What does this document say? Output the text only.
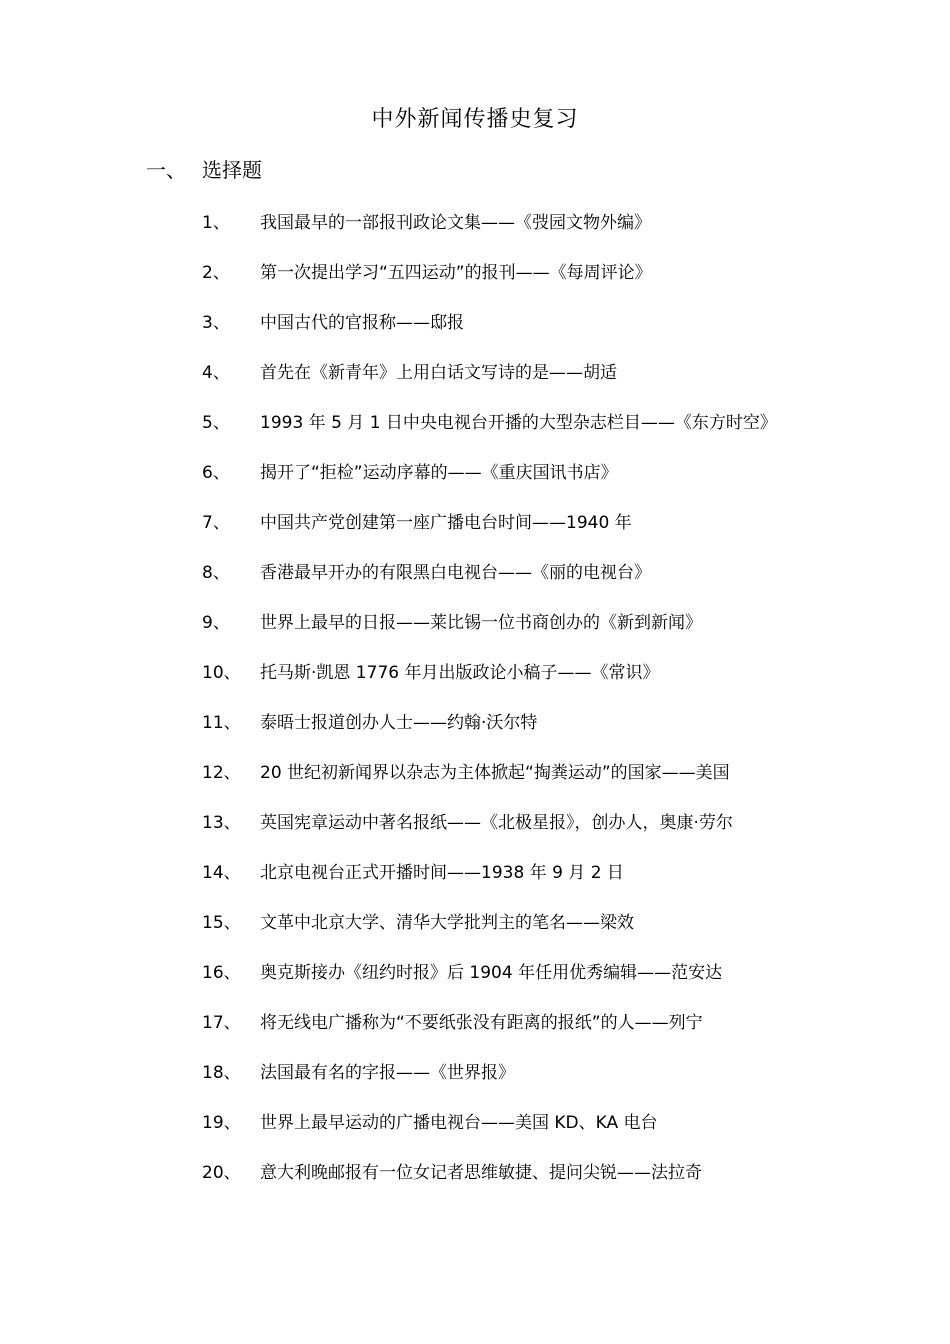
中外新闻传播史复习
一、 选择题
1、 我国最早的一部报刊政论文集——《弢园文物外编》
2、 第一次提出学习“五四运动”的报刊——《每周评论》
3、 中国古代的官报称——邸报
4、 首先在《新青年》上用白话文写诗的是——胡适
5、 1993 年 5 月 1 日中央电视台开播的大型杂志栏目——《东方时空》
6、 揭开了“拒检”运动序幕的——《重庆国讯书店》
7、 中国共产党创建第一座广播电台时间——1940 年
8、 香港最早开办的有限黑白电视台——《丽的电视台》
9、 世界上最早的日报——莱比锡一位书商创办的《新到新闻》
10、 托马斯·凯恩 1776 年月出版政论小稿子——《常识》
11、 泰晤士报道创办人士——约翰·沃尔特
12、 20 世纪初新闻界以杂志为主体掀起“掏粪运动”的国家——美国
13、 英国宪章运动中著名报纸——《北极星报》，创办人，奥康·劳尔
14、 北京电视台正式开播时间——1938 年 9 月 2 日
15、 文革中北京大学、清华大学批判主的笔名——梁效
16、 奥克斯接办《纽约时报》后 1904 年任用优秀编辑——范安达
17、 将无线电广播称为“不要纸张没有距离的报纸”的人——列宁
18、 法国最有名的字报——《世界报》
19、 世界上最早运动的广播电视台——美国 KD、KA 电台
20、 意大利晚邮报有一位女记者思维敏捷、提问尖锐——法拉奇
